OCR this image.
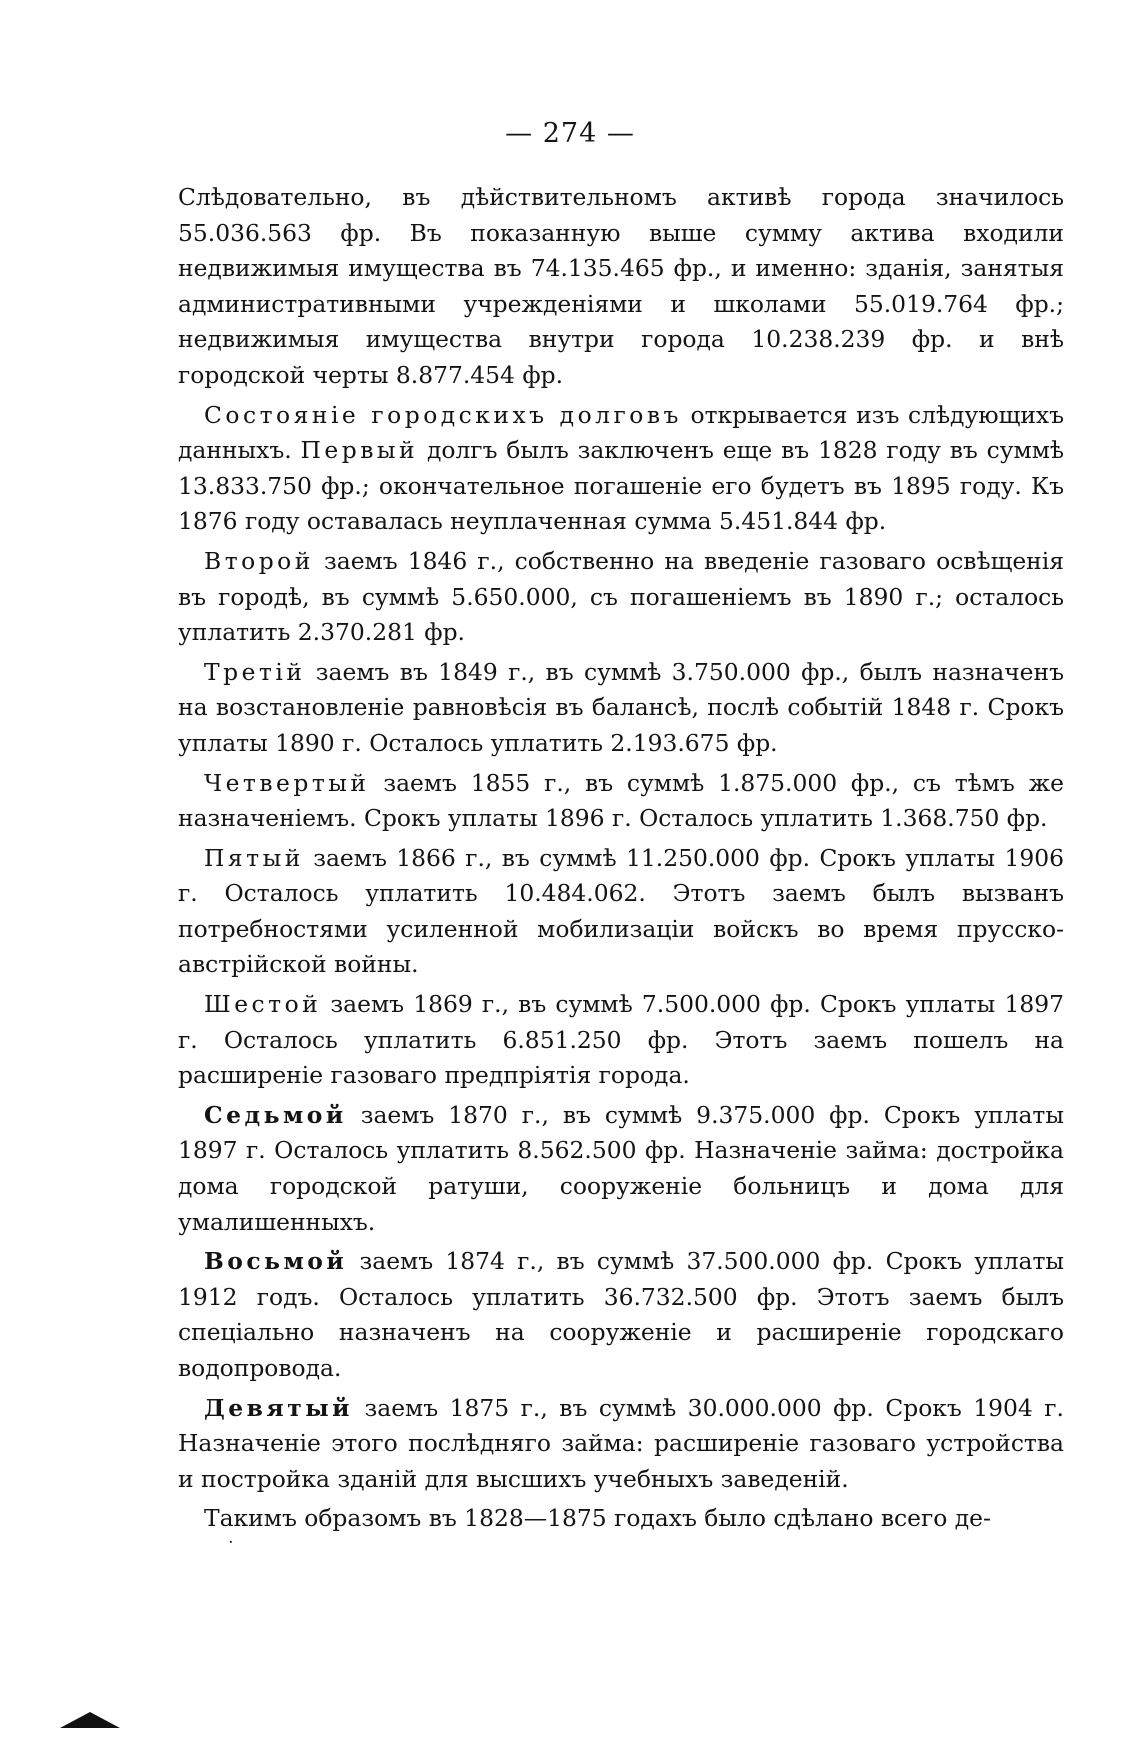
— 274 —

Слѣдовательно, въ дѣйствительномъ активѣ города значилось 55.036.563 фр. Въ показанную выше сумму актива входили недвижимыя имущества въ 74.135.465 фр., и именно: зданія, занятыя административными учрежденіями и школами 55.019.764 фр.; недвижимыя имущества внутри города 10.238.239 фр. и внѣ городской черты 8.877.454 фр.

Состояніе городскихъ долговъ открывается изъ слѣдующихъ данныхъ. Первый долгъ былъ заключенъ еще въ 1828 году въ суммѣ 13.833.750 фр.; окончательное погашеніе его будетъ въ 1895 году. Къ 1876 году оставалась неуплаченная сумма 5.451.844 фр.

Второй заемъ 1846 г., собственно на введеніе газоваго освѣщенія въ городѣ, въ суммѣ 5.650.000, съ погашеніемъ въ 1890 г.; осталось уплатить 2.370.281 фр.

Третій заемъ въ 1849 г., въ суммѣ 3.750.000 фр., былъ назначенъ на возстановленіе равновѣсія въ балансѣ, послѣ событій 1848 г. Срокъ уплаты 1890 г. Осталось уплатить 2.193.675 фр.

Четвертый заемъ 1855 г., въ суммѣ 1.875.000 фр., съ тѣмъ же назначеніемъ. Срокъ уплаты 1896 г. Осталось уплатить 1.368.750 фр.

Пятый заемъ 1866 г., въ суммѣ 11.250.000 фр. Срокъ уплаты 1906 г. Осталось уплатить 10.484.062. Этотъ заемъ былъ вызванъ потребностями усиленной мобилизаціи войскъ во время прусско-австрійской войны.

Шестой заемъ 1869 г., въ суммѣ 7.500.000 фр. Срокъ уплаты 1897 г. Осталось уплатить 6.851.250 фр. Этотъ заемъ пошелъ на расширеніе газоваго предпріятія города.

Седьмой заемъ 1870 г., въ суммѣ 9.375.000 фр. Срокъ уплаты 1897 г. Осталось уплатить 8.562.500 фр. Назначеніе займа: достройка дома городской ратуши, сооруженіе больницъ и дома для умалишенныхъ.

Восьмой заемъ 1874 г., въ суммѣ 37.500.000 фр. Срокъ уплаты 1912 годъ. Осталось уплатить 36.732.500 фр. Этотъ заемъ былъ спеціально назначенъ на сооруженіе и расширеніе городскаго водопровода.

Девятый заемъ 1875 г., въ суммѣ 30.000.000 фр. Срокъ 1904 г. Назначеніе этого послѣдняго займа: расширеніе газоваго устройства и постройка зданій для высшихъ учебныхъ заведеній.

Такимъ образомъ въ 1828—1875 годахъ было сдѣлано всего де-

·
